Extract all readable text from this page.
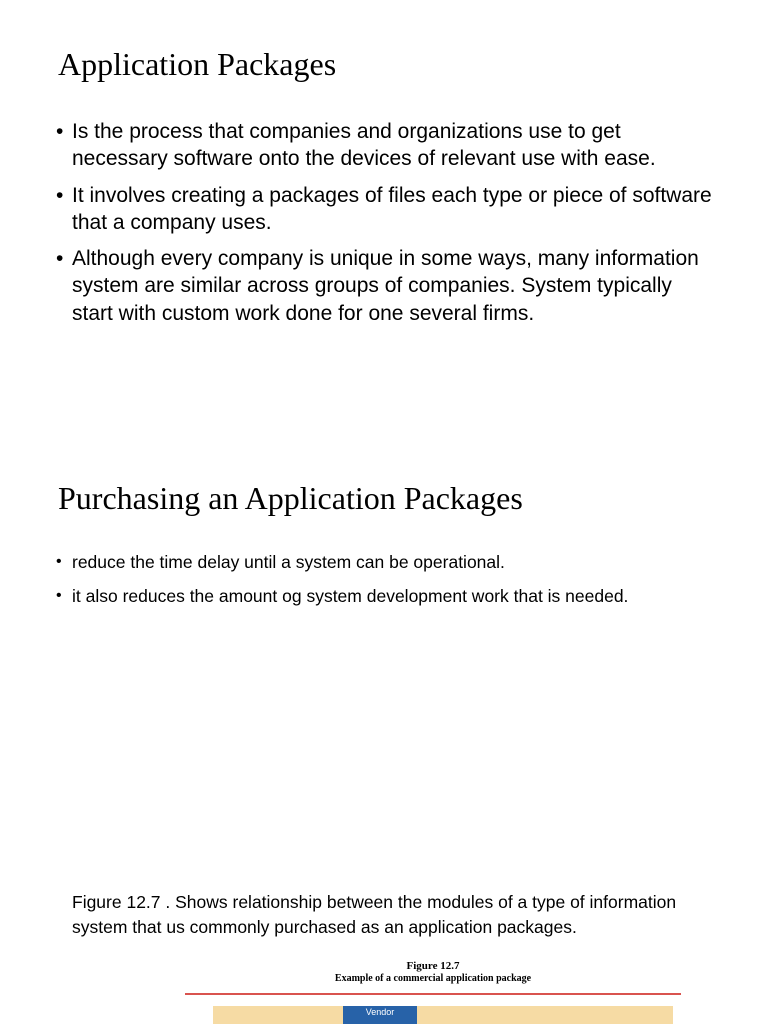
Application Packages
• Is the process that companies and organizations use to get necessary software onto the devices of relevant use with ease.
• It involves creating a packages of files each type or piece of software that a company uses.
• Although every company is unique in some ways, many information system are similar across groups of companies. System typically start with custom work done for one several firms.
Purchasing an Application Packages
• reduce the time delay until a system can be operational.
• it also reduces the amount og system development work that is needed.

Figure 12.7 . Shows relationship between the modules of a type of information system that us commonly purchased as an application packages.

Figure 12.7
Example of a commercial application package
Vendor
